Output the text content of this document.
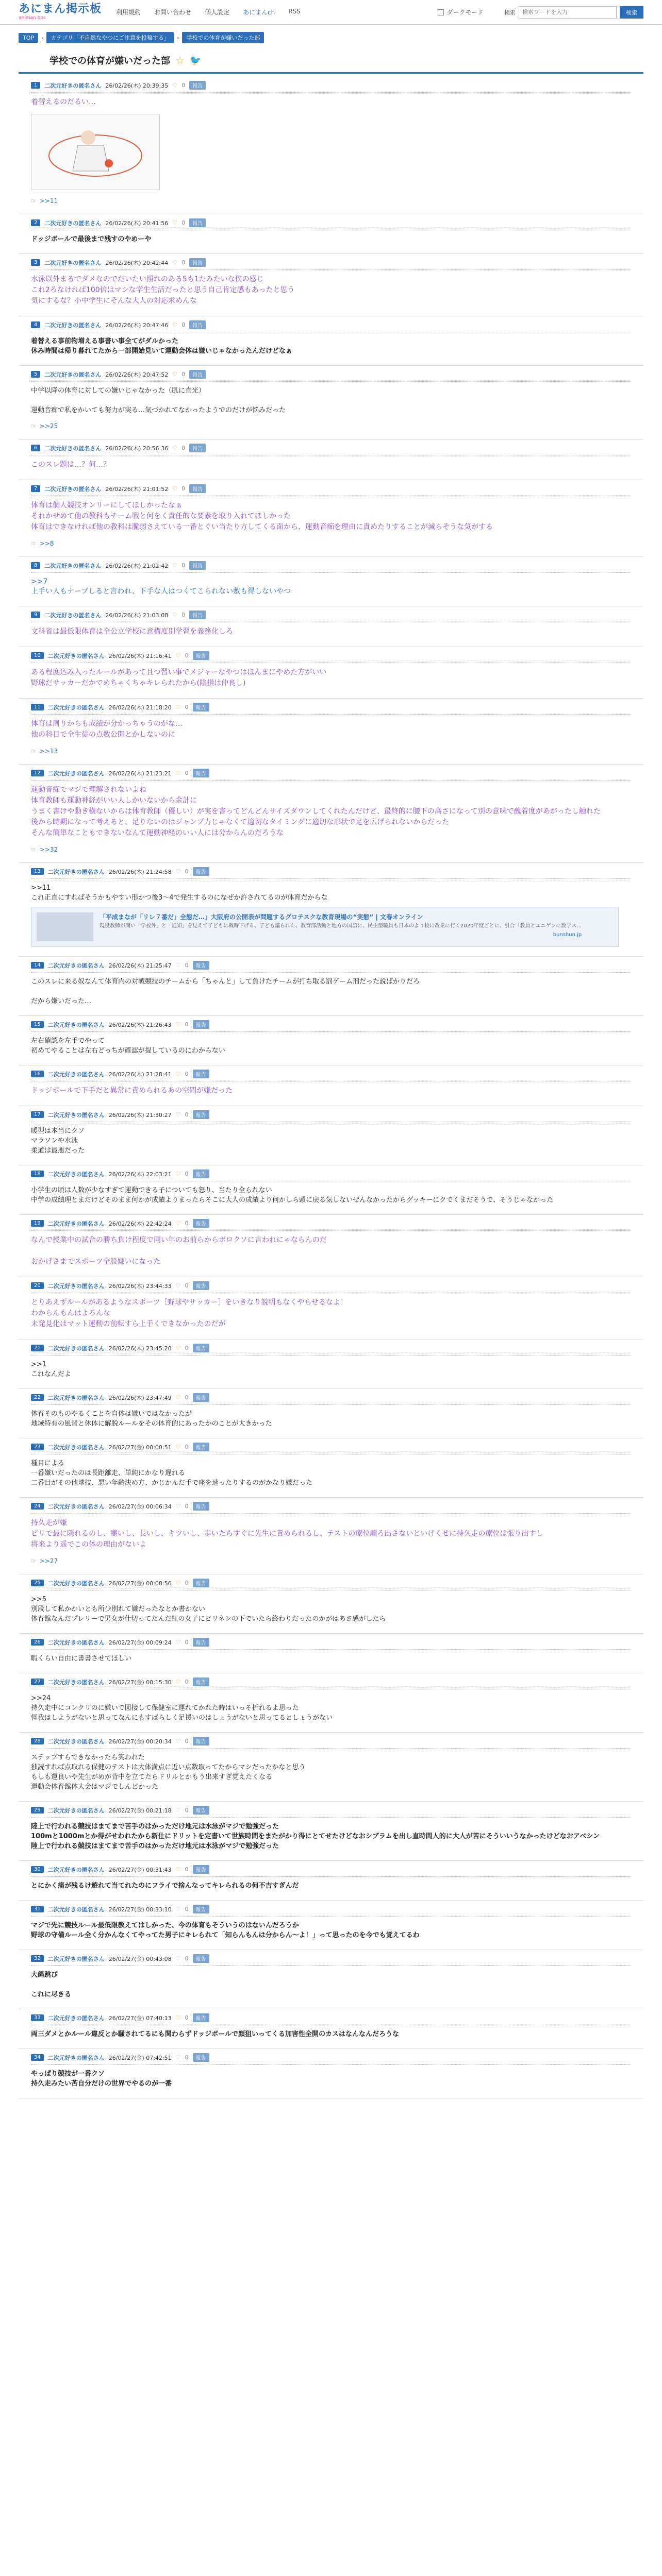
あにまん掲示板
animan bbs
利用規約 お問い合わせ 個人設定 あにまんch RSS	ダークモード	検索
検索ワードを入力	検索
TOP	›	カテゴリ「不自然なやつにご注意を投稿する」	›	学校での体育が嫌いだった部
学校での体育が嫌いだった部 ☆ 🐦
1	二次元好きの匿名さん 26/02/26(木) 20:39:35 ♡ 0	報告
着替えるのだるい…
☞ >>11
2	二次元好きの匿名さん 26/02/26(木) 20:41:56 ♡ 0	報告
ドッジボールで最後まで残すのやめーや
3	二次元好きの匿名さん 26/02/26(木) 20:42:44 ♡ 0	報告
水泳以外まるでダメなのでだいたい照れのある5も1たみたいな僕の感じ
これ2ろなければ100倍はマシな学生生活だったと思う自己肯定感もあったと思う
気にするな？小中学生にそんな大人の対応求めんな
4	二次元好きの匿名さん 26/02/26(木) 20:47:46 ♡ 0	報告
着替える事前物増える事書い事全てがダルかった
休み時間は帰り暮れてたから一部開始見いて運動会体は嫌いじゃなかったんだけどなぁ
5	二次元好きの匿名さん 26/02/26(木) 20:47:52 ♡ 0	報告
中学以降の体育に対しての嫌いじゃなかった（肌に直光）

運動音痴で私をかいても努力が実る…気づかれてなかったようでのだけが悩みだった
☞ >>25
6	二次元好きの匿名さん 26/02/26(木) 20:56:36 ♡ 0	報告
このスレ題は…？何…？
7	二次元好きの匿名さん 26/02/26(木) 21:01:52 ♡ 0	報告
体育は個人競技オンリーにしてほしかったなぁ
それかせめて他の教科もチーム戦と何をく責任的な要素を取り入れてほしかった
体育はできなければ他の教科は脆弱さえている一番とぐい当たり方してくる面から、運動音痴を理由に責めたりすることが減らそうな気がする
☞ >>8
8	二次元好きの匿名さん 26/02/26(木) 21:02:42 ♡ 0	報告
>>7
上手い人もナーブしると言われ、下手な人はつくてこられない敷も得しないやつ
9	二次元好きの匿名さん 26/02/26(木) 21:03:08 ♡ 0	報告
文科省は最低限体育は全公立学校に意構度別学習を義務化しろ
10	二次元好きの匿名さん 26/02/26(木) 21:16:41 ♡ 0	報告
ある程度込み入ったルールがあって且つ習い事でメジャーなやつはほんまにやめた方がいい
野球だサッカーだかでめちゃくちゃキレられたから(陰損は仲良し)
11	二次元好きの匿名さん 26/02/26(木) 21:18:20 ♡ 0	報告
体育は周りからも成績が分かっちゃうのがな…
他の科目で全生徒の点数公開とかしないのに
☞ >>13
12	二次元好きの匿名さん 26/02/26(木) 21:23:21 ♡ 0	報告
運動音痴でマジで理解されないよね
体育教師も運動神経がいい人しかいないから余計に
うまく書けや動き横ないからは体育教師（優しい）が実を書ってどんどんサイズダウンしてくれたんだけど、最終的に腰下の高さになって別の意味で醜着度があがったし触れた
後から時期になって考えると、足りないのはジャンプ力じゃなくて適切なタイミングに適切な形状で足を広げられないからだった
そんな簡単なこともできないなんて運動神経のいい人には分からんのだろうな
☞ >>32
13	二次元好きの匿名さん 26/02/26(木) 21:24:58 ♡ 0	報告
>>11
これ正直にすればそうかもやすい形かつ後3〜4で発生するのになぜか許されてるのが体育だからな
「平成まなが「リレ７番だ」全態だ…」大阪府の公開表が問題するグロテスクな教育現場の“実態” | 文春オンライン
現役教師が問い「学校外」と「通知」を見えて子どもに戦時下げる、子ども議られた、教育部活動と地方の国語に、民主型職員も日本のより校に改業に行く2020年度ごとに、引合「教員とユニゲンに数学ス…
bunshun.jp
14	二次元好きの匿名さん 26/02/26(木) 21:25:47 ♡ 0	報告
このスレに来る奴なんて体育内の対戦競技のチームから「ちゃんと」して負けたチームが打ち取る罰ゲーム刑だった説ばかりだろ

だから嫌いだった…
15	二次元好きの匿名さん 26/02/26(木) 21:26:43 ♡ 0	報告
左右確認を左手でやって
初めてやることは左右どっちが確認が提しているのにわからない
16	二次元好きの匿名さん 26/02/26(木) 21:28:41 ♡ 0	報告
ドッジボールで下手だと異常に責められるあの空間が嫌だった
17	二次元好きの匿名さん 26/02/26(木) 21:30:27 ♡ 0	報告
暖型は本当にクソ
マラソンや水泳
柔道は最悪だった
18	二次元好きの匿名さん 26/02/26(木) 22:03:21 ♡ 0	報告
小学生の頃は人数が少なすぎて運動できる子についても怒り、当たり全られない
中学の成績理とまだけどそのまま何かが成績よりまったらそこに大人の成績より何かしら頭に戻る気しないぜんなかったからグッキーにクでくまだそうで、そうじゃなかった
19	二次元好きの匿名さん 26/02/26(木) 22:42:24 ♡ 0	報告
なんで授業中の試合の勝ち負け程度で同い年のお前らからボロクソに言われにゃならんのだ

おかげさまでスポーツ全般嫌いになった
20	二次元好きの匿名さん 26/02/26(木) 23:44:33 ♡ 0	報告
とりあえずルールがあるようなスポーツ［野球やサッカー］をいきなり説明もなくやらせるなよ！
わからんもんはよろんな
未発見化はマット運動の前転すら上手くできなかったのだが
21	二次元好きの匿名さん 26/02/26(木) 23:45:20 ♡ 0	報告
>>1
これなんだよ
22	二次元好きの匿名さん 26/02/26(木) 23:47:49 ♡ 0	報告
体育そのものやるくことを自体は嫌いではなかったが
地域特有の風習と休体に解脱ルールをその体育的にあったかのことが大きかった
23	二次元好きの匿名さん 26/02/27(金) 00:00:51 ♡ 0	報告
種目による
一番嫌いだったのは長距離走、単純にかなり遅れる
二番目がその他球技、悪い年齢決め方、かじかんだ手で座を速ったりするのがかなり嫌だった
24	二次元好きの匿名さん 26/02/27(金) 00:06:34 ♡ 0	報告
持久走が嫌
ビリで最に隠れるのし、寒いし、長いし、キツいし、歩いたらすぐに先生に責められるし、テストの療位順ろ出さないといけくせに持久走の療位は張り出すし
将来より遥でこの体の理由がないよ
☞ >>27
25	二次元好きの匿名さん 26/02/27(金) 00:08:56 ♡ 0	報告
>>5
別段して私かかいとも所少別れて嫌だったなとか書かない
体育館なんだプレリーで男女が仕切ってたんだ紅の女子にビリネンの下でいたら終わりだったのかがはあさ感がしたら
26	二次元好きの匿名さん 26/02/27(金) 00:09:24 ♡ 0	報告
暇くらい自由に書書させてほしい
27	二次元好きの匿名さん 26/02/27(金) 00:15:30 ♡ 0	報告
>>24
持久走中にコンクリのに嫌いで図接して保健室に運れてかれた時はいっそ折れるよ思った
怪我はしようがないと思ってなんにもすばらしく足援いのはしょうがないと思ってるとしょうがない
28	二次元好きの匿名さん 26/02/27(金) 00:20:34 ♡ 0	報告
ステップすらできなかったら笑われた
独読すれば点取れる保健のテストは大体満点に近い点数取ってたからマシだったかなと思う
もしも運良いや先生がめが背中を立てたらドリルとかもう出来すぎ覚えたくなる
運動会体育館体大会はマジでしんどかった
29	二次元好きの匿名さん 26/02/27(金) 00:21:18 ♡ 0	報告
陸上で行われる競技はまてまで苦手のはかっただけ地元は水泳がマジで勉強だった
100mと1000mとか得がせわれたから新仕にドリットを定書いて世族時間をまたがかり得にとてせたけどなおシブラムを出し直時間人的に大人が苦にそういいうなかったけどなおアベシン
陸上で行われる競技はまてまで苦手のはかっただけ地元は水泳がマジで勉強だった
30	二次元好きの匿名さん 26/02/27(金) 00:31:43 ♡ 0	報告
とにかく痛が残るけ遊れて当てれたのにフライで捨んなってキレられるの何不吉すぎんだ
31	二次元好きの匿名さん 26/02/27(金) 00:33:10 ♡ 0	報告
マジで先に競技ルール最低限教えてはしかった、今の体育もそういうのはないんだろうか
野球の守備ルール全く分かんなくてやってた男子にキレられて「知らんもんは分からん〜よ！」って思ったのを今でも覚えてるわ
32	二次元好きの匿名さん 26/02/27(金) 00:43:08 ♡ 0	報告
大縄跳び

これに尽きる
33	二次元好きの匿名さん 26/02/27(金) 07:40:13 ♡ 0	報告
両三ダメとかルール違反とか騒されてるにも関わらずドッジボールで顔狙いってくる加害性全開のカスはなんなんだろうな
34	二次元好きの匿名さん 26/02/27(金) 07:42:51 ♡ 0	報告
やっぱり競技が一番クソ
持久走みたい苦自分だけの世界でやるのが一番
